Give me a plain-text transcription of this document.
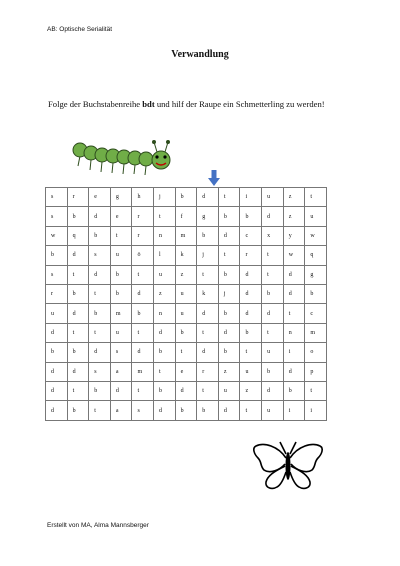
AB: Optische Serialität
Verwandlung
Folge der Buchstabenreihe bdt und hilf der Raupe ein Schmetterling zu werden!
s	r	e	g	h	j	b	d	t	i	u	z	t
s	b	d	e	r	t	f	g	b	b	d	z	u
w	q	b	t	r	n	m	b	d	c	x	y	w
b	d	s	u	ö	l	k	j	t	r	t	w	q
s	t	d	b	t	u	z	t	b	d	t	d	g
r	b	t	b	d	z	u	k	j	d	b	d	b
u	d	b	m	b	n	u	d	b	d	d	t	c
d	t	t	u	t	d	b	t	d	b	t	n	m
b	b	d	s	d	b	t	d	b	t	u	i	o
d	d	s	a	m	t	e	r	z	u	b	d	p
d	t	b	d	t	b	d	t	u	z	d	b	t
d	b	t	a	s	d	b	b	d	t	u	i	i
Erstellt von MA, Alma Mannsberger
